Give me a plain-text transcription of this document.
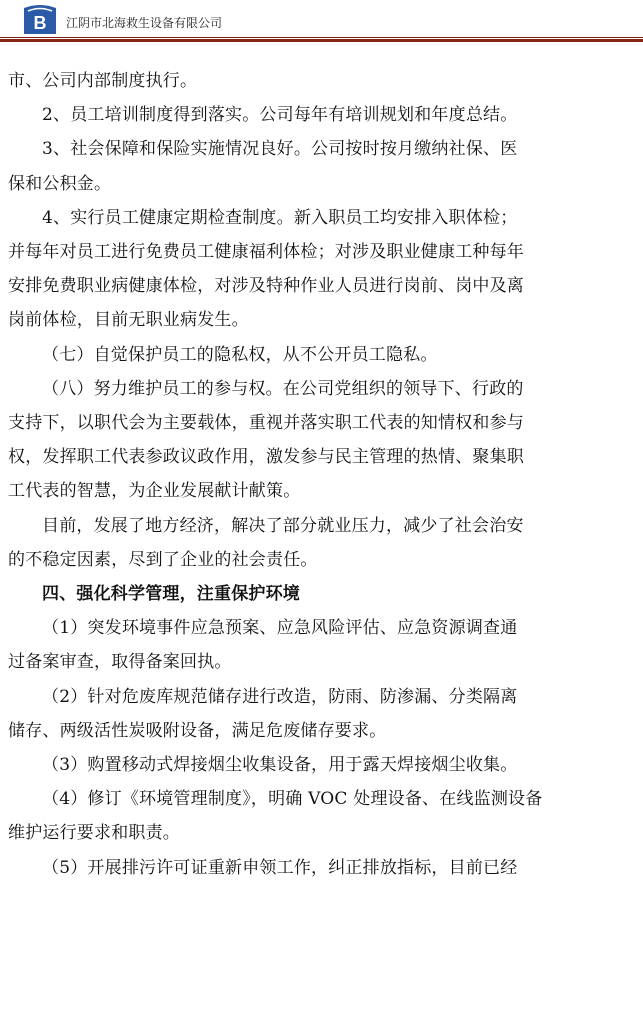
B 江阴市北海救生设备有限公司

市、公司内部制度执行。

2、员工培训制度得到落实。公司每年有培训规划和年度总结。

3、社会保障和保险实施情况良好。公司按时按月缴纳社保、医

保和公积金。

4、实行员工健康定期检查制度。新入职员工均安排入职体检；

并每年对员工进行免费员工健康福利体检；对涉及职业健康工种每年

安排免费职业病健康体检，对涉及特种作业人员进行岗前、岗中及离

岗前体检，目前无职业病发生。

（七）自觉保护员工的隐私权，从不公开员工隐私。

（八）努力维护员工的参与权。在公司党组织的领导下、行政的

支持下，以职代会为主要载体，重视并落实职工代表的知情权和参与

权，发挥职工代表参政议政作用，激发参与民主管理的热情、聚集职

工代表的智慧，为企业发展献计献策。

目前，发展了地方经济，解决了部分就业压力，减少了社会治安

的不稳定因素，尽到了企业的社会责任。

四、强化科学管理，注重保护环境

（1）突发环境事件应急预案、应急风险评估、应急资源调查通

过备案审查，取得备案回执。

（2）针对危废库规范储存进行改造，防雨、防渗漏、分类隔离

储存、两级活性炭吸附设备，满足危废储存要求。

（3）购置移动式焊接烟尘收集设备，用于露天焊接烟尘收集。

（4）修订《环境管理制度》，明确 VOC 处理设备、在线监测设备

维护运行要求和职责。

（5）开展排污许可证重新申领工作，纠正排放指标，目前已经
